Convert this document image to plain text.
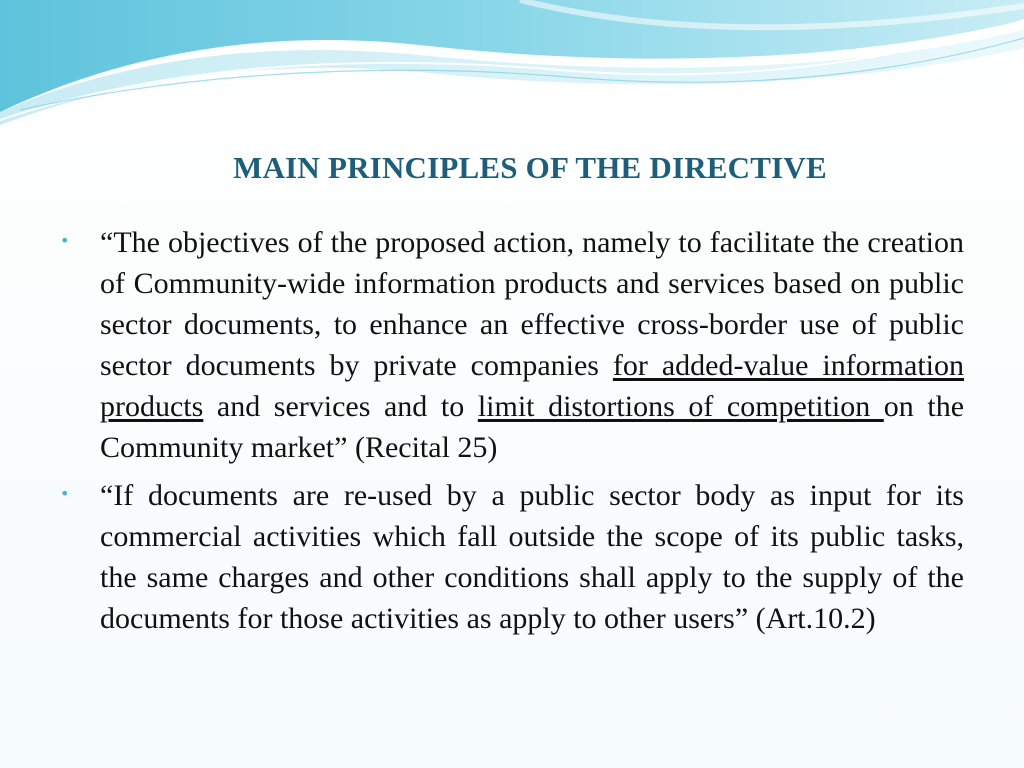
MAIN PRINCIPLES OF THE DIRECTIVE
• “The objectives of the proposed action, namely to facilitate the creation of Community-wide information products and services based on public sector documents, to enhance an effective cross-border use of public sector documents by private companies for added-value information products and services and to limit distortions of competition on the Community market” (Recital 25)

• “If documents are re-used by a public sector body as input for its commercial activities which fall outside the scope of its public tasks, the same charges and other conditions shall apply to the supply of the documents for those activities as apply to other users” (Art.10.2)
